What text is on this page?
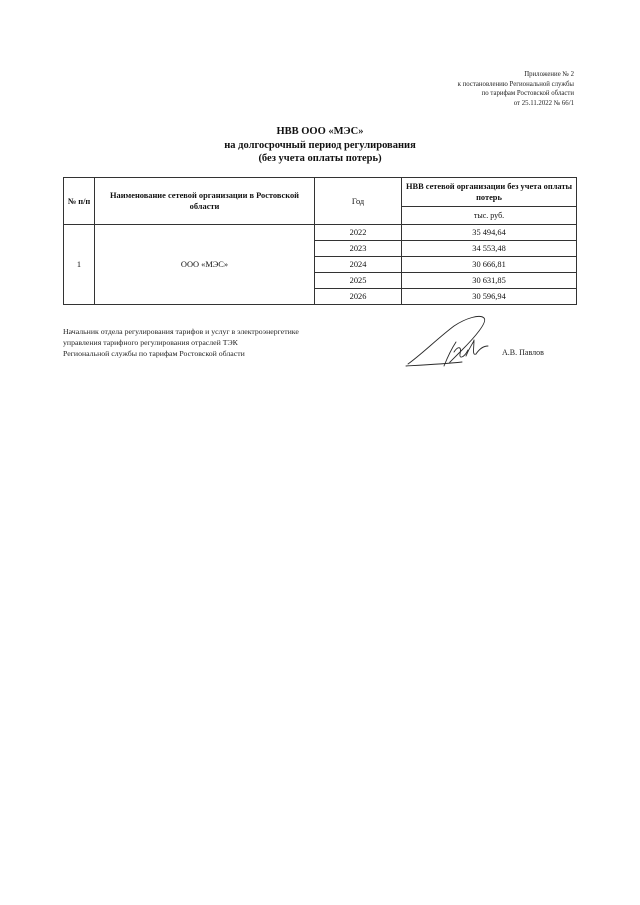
Приложение № 2
к постановлению Региональной службы
по тарифам Ростовской области
от 25.11.2022 № 66/1
НВВ ООО «МЭС»
на долгосрочный период регулирования
(без учета оплаты потерь)
№ п/п	Наименование сетевой организации в Ростовской области	Год	НВВ сетевой организации без учета оплаты потерь
			тыс. руб.
1	ООО «МЭС»	2022	35 494,64
		2023	34 553,48
		2024	30 666,81
		2025	30 631,85
		2026	30 596,94
Начальник отдела регулирования тарифов и услуг в электроэнергетике
управления тарифного регулирования отраслей ТЭК
Региональной службы по тарифам Ростовской области	А.В. Павлов
